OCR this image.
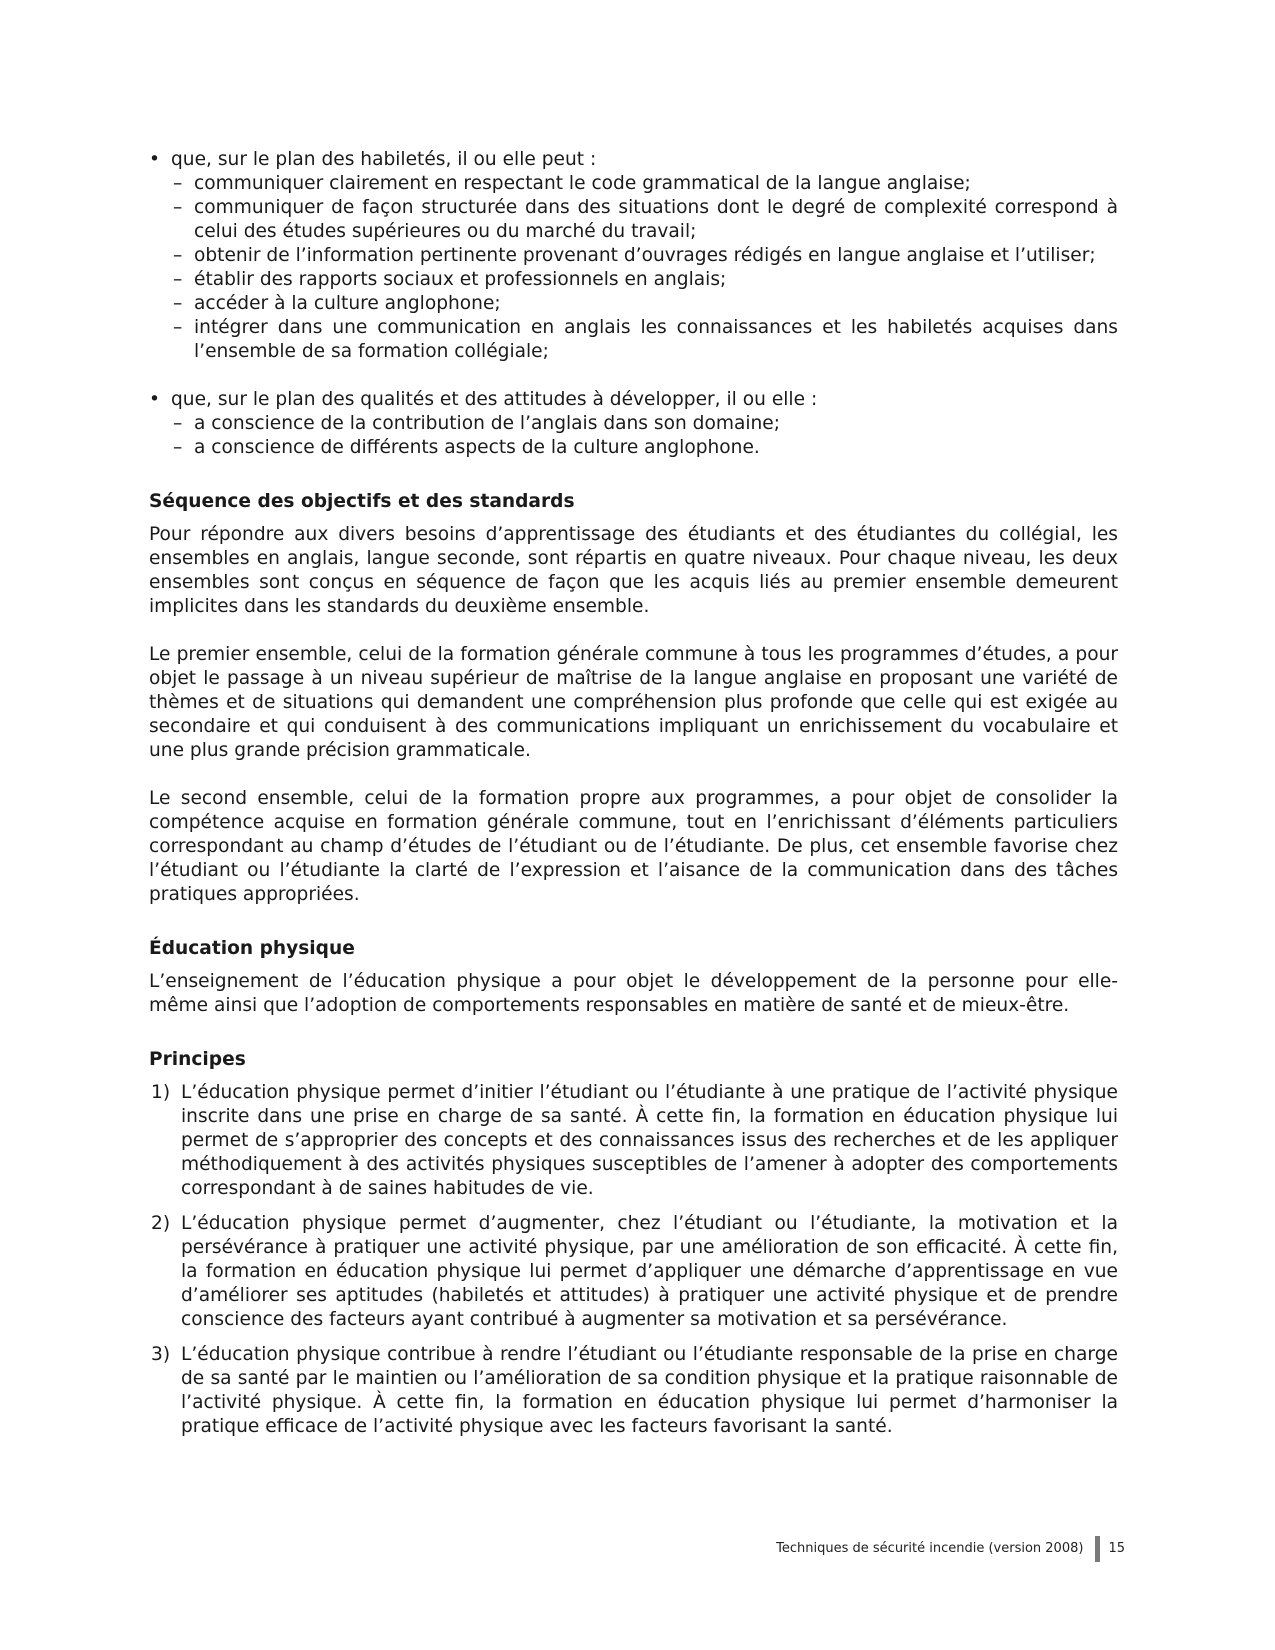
• que, sur le plan des habiletés, il ou elle peut :
– communiquer clairement en respectant le code grammatical de la langue anglaise;
– communiquer de façon structurée dans des situations dont le degré de complexité correspond à celui des études supérieures ou du marché du travail;
– obtenir de l’information pertinente provenant d’ouvrages rédigés en langue anglaise et l’utiliser;
– établir des rapports sociaux et professionnels en anglais;
– accéder à la culture anglophone;
– intégrer dans une communication en anglais les connaissances et les habiletés acquises dans l’ensemble de sa formation collégiale;
• que, sur le plan des qualités et des attitudes à développer, il ou elle :
– a conscience de la contribution de l’anglais dans son domaine;
– a conscience de différents aspects de la culture anglophone.
Séquence des objectifs et des standards

Pour répondre aux divers besoins d’apprentissage des étudiants et des étudiantes du collégial, les ensembles en anglais, langue seconde, sont répartis en quatre niveaux. Pour chaque niveau, les deux ensembles sont conçus en séquence de façon que les acquis liés au premier ensemble demeurent implicites dans les standards du deuxième ensemble.

Le premier ensemble, celui de la formation générale commune à tous les programmes d’études, a pour objet le passage à un niveau supérieur de maîtrise de la langue anglaise en proposant une variété de thèmes et de situations qui demandent une compréhension plus profonde que celle qui est exigée au secondaire et qui conduisent à des communications impliquant un enrichissement du vocabulaire et une plus grande précision grammaticale.

Le second ensemble, celui de la formation propre aux programmes, a pour objet de consolider la compétence acquise en formation générale commune, tout en l’enrichissant d’éléments particuliers correspondant au champ d’études de l’étudiant ou de l’étudiante. De plus, cet ensemble favorise chez l’étudiant ou l’étudiante la clarté de l’expression et l’aisance de la communication dans des tâches pratiques appropriées.

Éducation physique

L’enseignement de l’éducation physique a pour objet le développement de la personne pour elle-même ainsi que l’adoption de comportements responsables en matière de santé et de mieux-être.

Principes
1) L’éducation physique permet d’initier l’étudiant ou l’étudiante à une pratique de l’activité physique inscrite dans une prise en charge de sa santé. À cette fin, la formation en éducation physique lui permet de s’approprier des concepts et des connaissances issus des recherches et de les appliquer méthodiquement à des activités physiques susceptibles de l’amener à adopter des comportements correspondant à de saines habitudes de vie.
2) L’éducation physique permet d’augmenter, chez l’étudiant ou l’étudiante, la motivation et la persévérance à pratiquer une activité physique, par une amélioration de son efficacité. À cette fin, la formation en éducation physique lui permet d’appliquer une démarche d’apprentissage en vue d’améliorer ses aptitudes (habiletés et attitudes) à pratiquer une activité physique et de prendre conscience des facteurs ayant contribué à augmenter sa motivation et sa persévérance.
3) L’éducation physique contribue à rendre l’étudiant ou l’étudiante responsable de la prise en charge de sa santé par le maintien ou l’amélioration de sa condition physique et la pratique raisonnable de l’activité physique. À cette fin, la formation en éducation physique lui permet d’harmoniser la pratique efficace de l’activité physique avec les facteurs favorisant la santé.
Techniques de sécurité incendie (version 2008) 15
